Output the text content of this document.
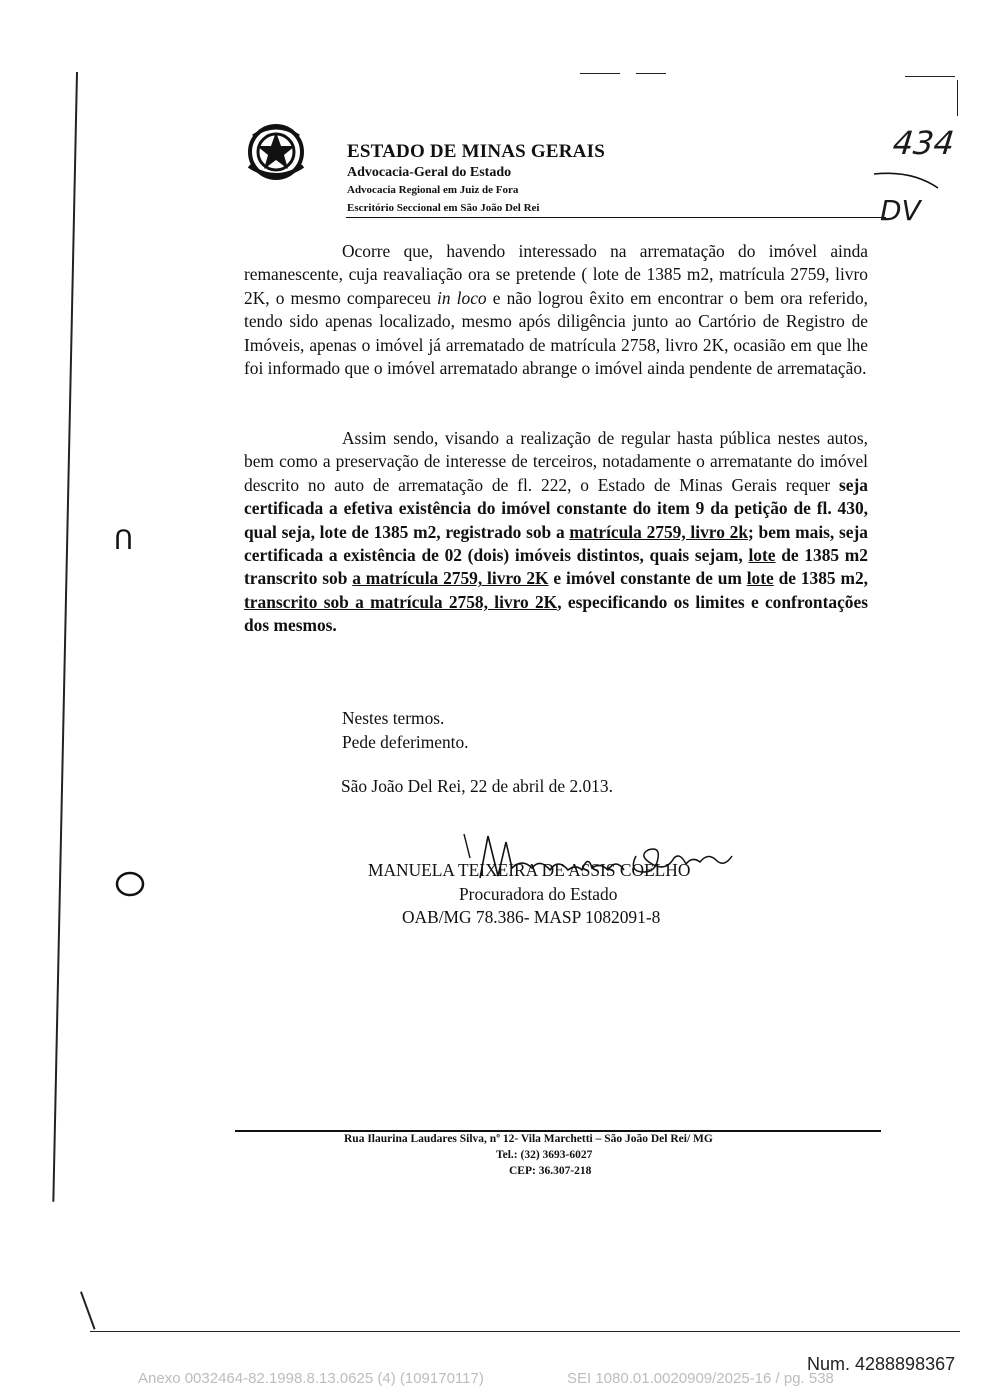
ESTADO DE MINAS GERAIS
Advocacia-Geral do Estado
Advocacia Regional em Juiz de Fora
Escritório Seccional em São João Del Rei
434
DV

Ocorre que, havendo interessado na arrematação do imóvel ainda remanescente, cuja reavaliação ora se pretende ( lote de 1385 m2, matrícula 2759, livro 2K, o mesmo compareceu in loco e não logrou êxito em encontrar o bem ora referido, tendo sido apenas localizado, mesmo após diligência junto ao Cartório de Registro de Imóveis, apenas o imóvel já arrematado de matrícula 2758, livro 2K, ocasião em que lhe foi informado que o imóvel arrematado abrange o imóvel ainda pendente de arrematação.

Assim sendo, visando a realização de regular hasta pública nestes autos, bem como a preservação de interesse de terceiros, notadamente o arrematante do imóvel descrito no auto de arrematação de fl. 222, o Estado de Minas Gerais requer seja certificada a efetiva existência do imóvel constante do item 9 da petição de fl. 430, qual seja, lote de 1385 m2, registrado sob a matrícula 2759, livro 2k; bem mais, seja certificada a existência de 02 (dois) imóveis distintos, quais sejam, lote de 1385 m2 transcrito sob a matrícula 2759, livro 2K e imóvel constante de um lote de 1385 m2, transcrito sob a matrícula 2758, livro 2K, especificando os limites e confrontações dos mesmos.

Nestes termos.
Pede deferimento.
São João Del Rei, 22 de abril de 2.013.
MANUELA TEIXEIRA DE ASSIS COELHO
Procuradora do Estado
OAB/MG 78.386- MASP 1082091-8
ᑎ
Rua Ilaurina Laudares Silva, nº 12- Vila Marchetti – São João Del Rei/ MG
Tel.: (32) 3693-6027
CEP: 36.307-218
Num. 4288898367
Anexo 0032464-82.1998.8.13.0625 (4) (109170117)	SEI 1080.01.0020909/2025-16 / pg. 538
